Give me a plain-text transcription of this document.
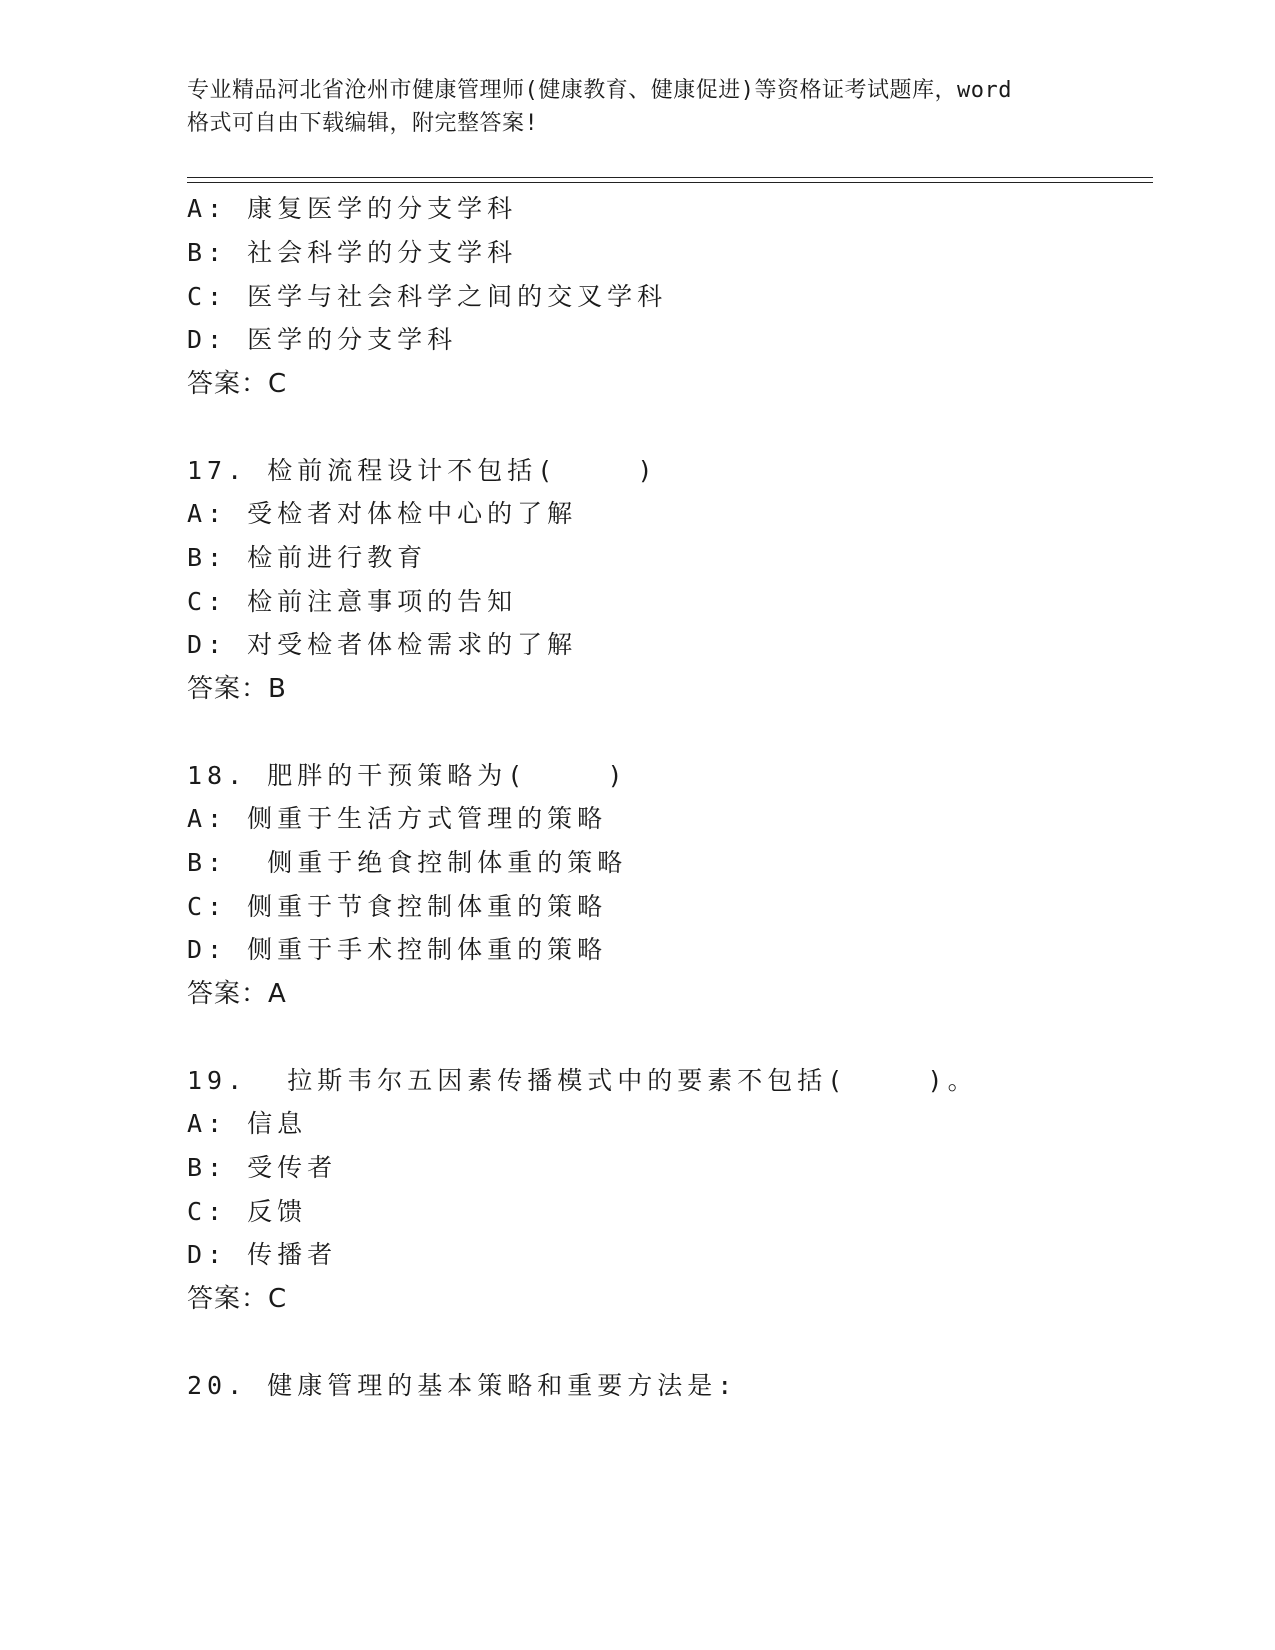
专业精品河北省沧州市健康管理师(健康教育、健康促进)等资格证考试题库，word
格式可自由下载编辑，附完整答案!
A: 康复医学的分支学科
B: 社会科学的分支学科
C: 医学与社会科学之间的交叉学科
D: 医学的分支学科
答案：C
17. 检前流程设计不包括(    )
A: 受检者对体检中心的了解
B: 检前进行教育
C: 检前注意事项的告知
D: 对受检者体检需求的了解
答案：B
18. 肥胖的干预策略为(    )
A: 侧重于生活方式管理的策略
B:  侧重于绝食控制体重的策略
C: 侧重于节食控制体重的策略
D: 侧重于手术控制体重的策略
答案：A
19.  拉斯韦尔五因素传播模式中的要素不包括(    )。
A: 信息
B: 受传者
C: 反馈
D: 传播者
答案：C
20. 健康管理的基本策略和重要方法是:
